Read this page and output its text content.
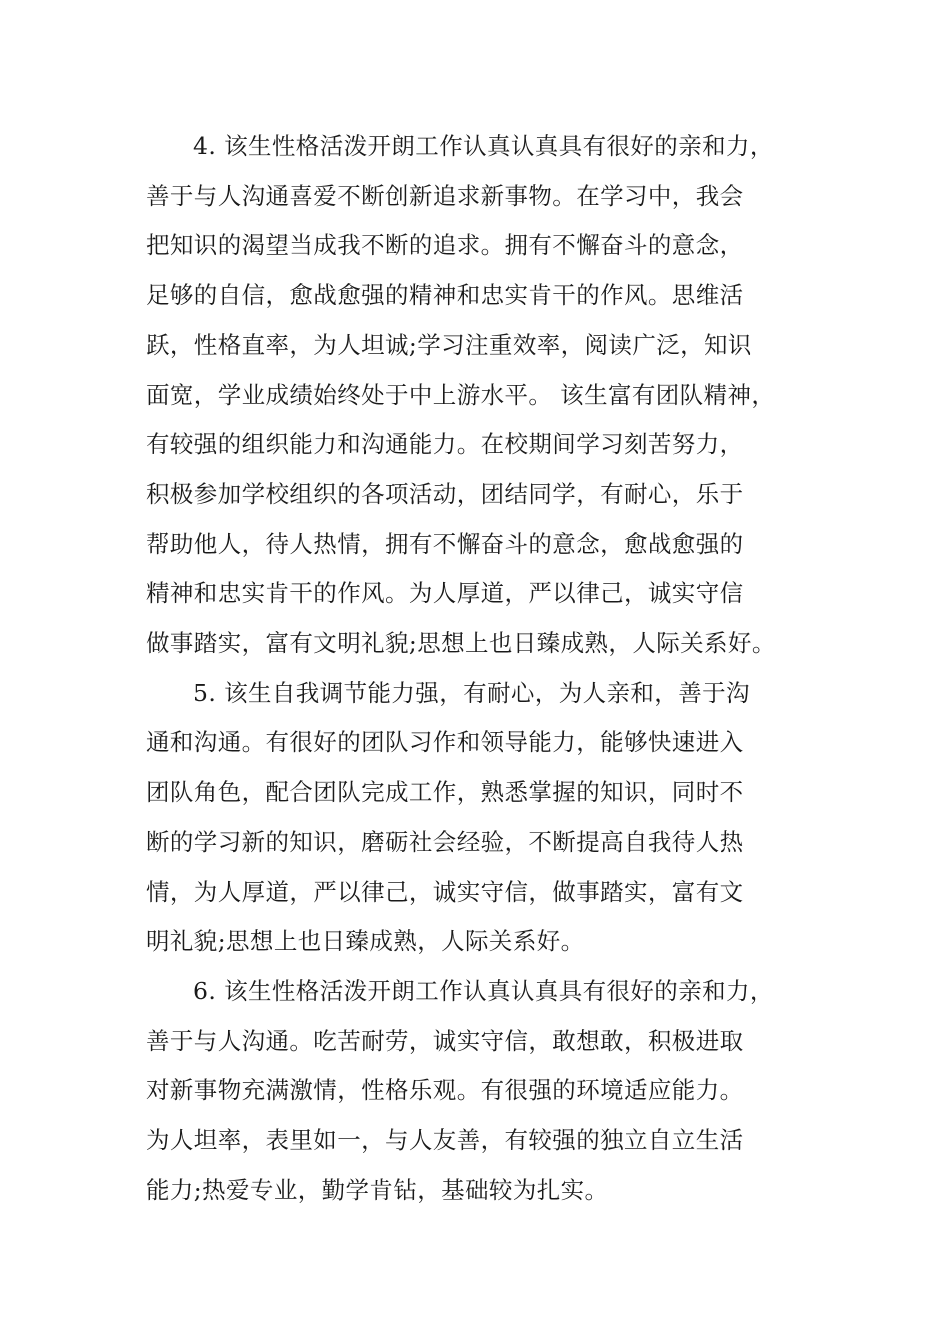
4. 该生性格活泼开朗工作认真认真具有很好的亲和力，
善于与人沟通喜爱不断创新追求新事物。在学习中，我会
把知识的渴望当成我不断的追求。拥有不懈奋斗的意念，
足够的自信，愈战愈强的精神和忠实肯干的作风。思维活
跃，性格直率，为人坦诚;学习注重效率，阅读广泛，知识
面宽，学业成绩始终处于中上游水平。 该生富有团队精神，
有较强的组织能力和沟通能力。在校期间学习刻苦努力，
积极参加学校组织的各项活动，团结同学，有耐心，乐于
帮助他人，待人热情，拥有不懈奋斗的意念，愈战愈强的
精神和忠实肯干的作风。为人厚道，严以律己，诚实守信
做事踏实，富有文明礼貌;思想上也日臻成熟，人际关系好。

5. 该生自我调节能力强，有耐心，为人亲和，善于沟
通和沟通。有很好的团队习作和领导能力，能够快速进入
团队角色，配合团队完成工作，熟悉掌握的知识，同时不
断的学习新的知识，磨砺社会经验，不断提高自我待人热
情，为人厚道，严以律己，诚实守信，做事踏实，富有文
明礼貌;思想上也日臻成熟，人际关系好。

6. 该生性格活泼开朗工作认真认真具有很好的亲和力，
善于与人沟通。吃苦耐劳，诚实守信，敢想敢，积极进取
对新事物充满激情，性格乐观。有很强的环境适应能力。
为人坦率，表里如一，与人友善，有较强的独立自立生活
能力;热爱专业，勤学肯钻，基础较为扎实。
